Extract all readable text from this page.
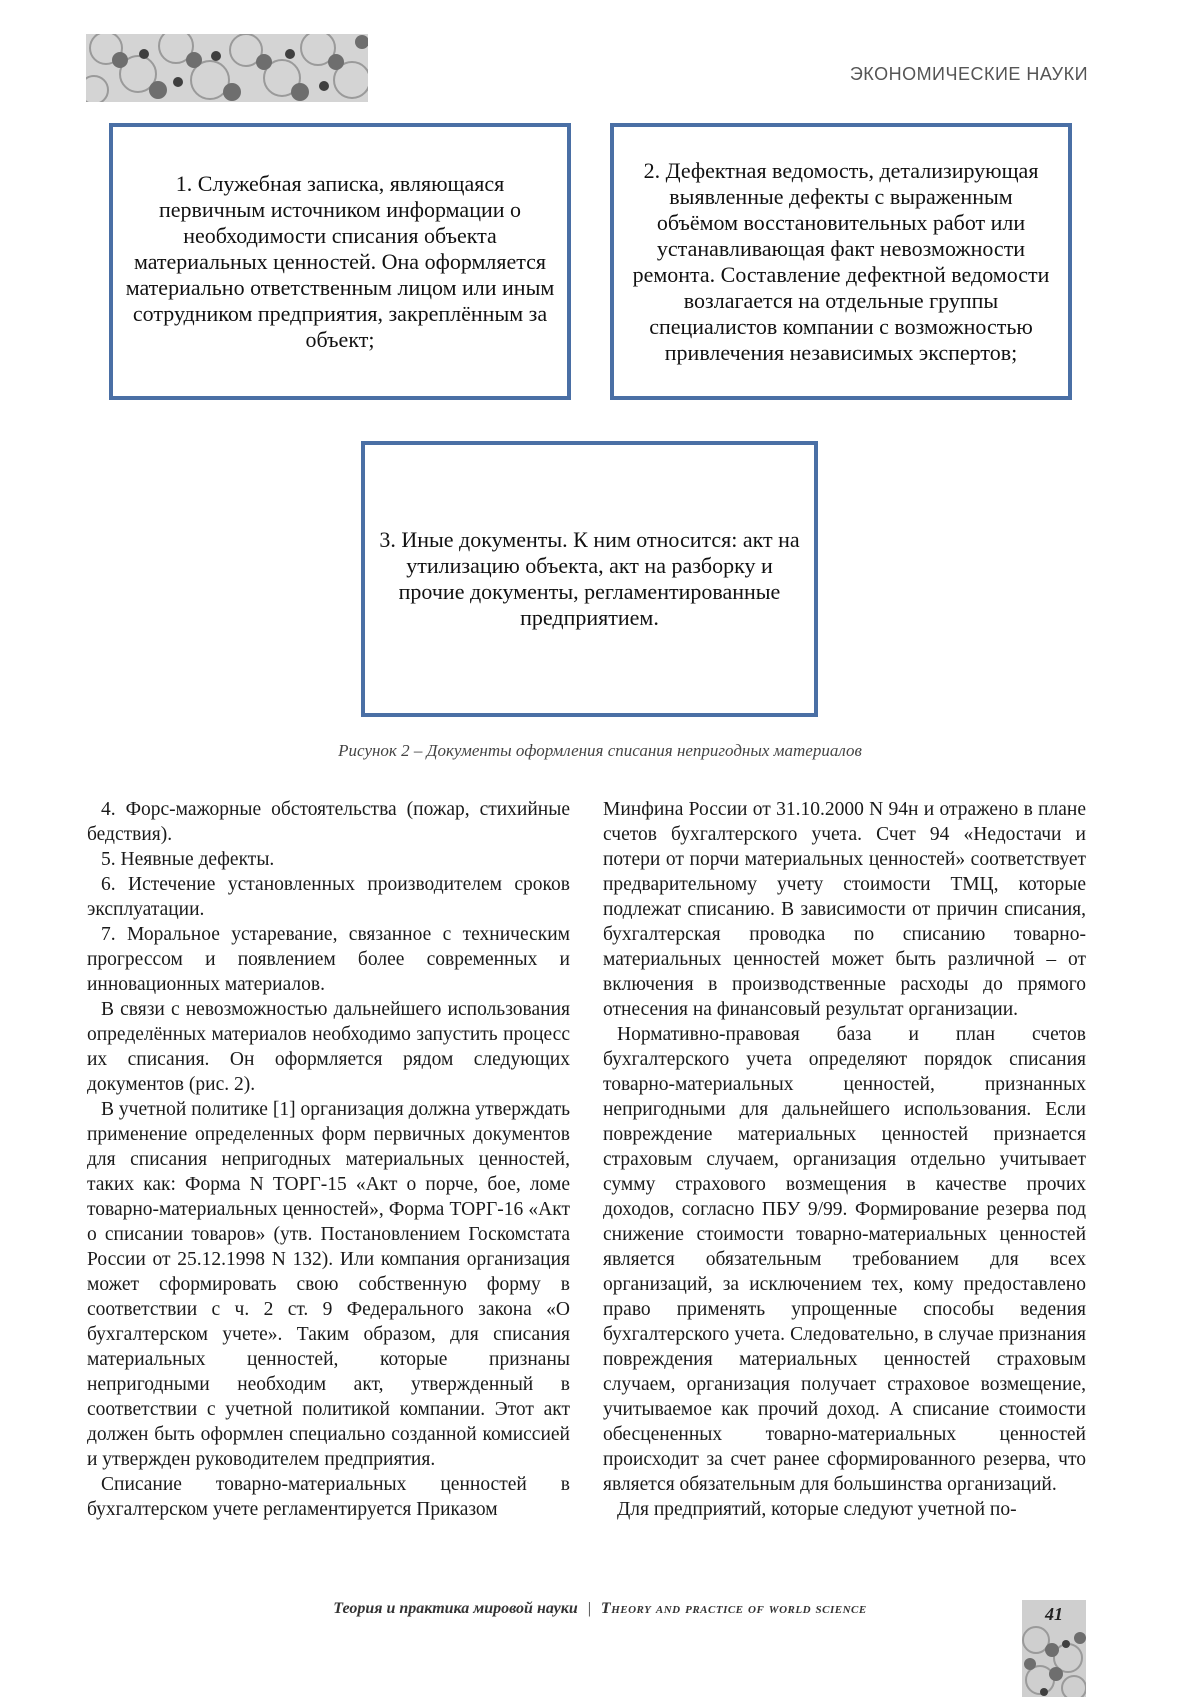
ЭКОНОМИЧЕСКИЕ НАУКИ
1. Служебная записка, являющаяся первичным источником информации о необходимости списания объекта материальных ценностей. Она оформляется материально ответственным лицом или иным сотрудником предприятия, закреплённым за объект;
2. Дефектная ведомость, детализирующая выявленные дефекты с выраженным объёмом восстановительных работ или устанавливающая факт невозможности ремонта. Составление дефектной ведомости возлагается на отдельные группы специалистов компании с возможностью привлечения независимых экспертов;
3. Иные документы. К ним относится: акт на утилизацию объекта, акт на разборку и прочие документы, регламентированные предприятием.
Рисунок 2 – Документы оформления списания непригодных материалов

4. Форс-мажорные обстоятельства (пожар, стихийные бедствия).

5. Неявные дефекты.

6. Истечение установленных производителем сроков эксплуатации.

7. Моральное устаревание, связанное с техническим прогрессом и появлением более современных и инновационных материалов.

В связи с невозможностью дальнейшего использования определённых материалов необходимо запустить процесс их списания. Он оформляется рядом следующих документов (рис. 2).

В учетной политике [1] организация должна утверждать применение определенных форм первичных документов для списания непригодных материальных ценностей, таких как: Форма N ТОРГ-15 «Акт о порче, бое, ломе товарно-материальных ценностей», Форма ТОРГ-16 «Акт о списании товаров» (утв. Постановлением Госкомстата России от 25.12.1998 N 132). Или компания организация может сформировать свою собственную форму в соответствии с ч. 2 ст. 9 Федерального закона «О бухгалтерском учете». Таким образом, для списания материальных ценностей, которые признаны непригодными необходим акт, утвержденный в соответствии с учетной политикой компании. Этот акт должен быть оформлен специально созданной комиссией и утвержден руководителем предприятия.

Списание товарно-материальных ценностей в бухгалтерском учете регламентируется Приказом

Минфина России от 31.10.2000 N 94н и отражено в плане счетов бухгалтерского учета. Счет 94 «Недостачи и потери от порчи материальных ценностей» соответствует предварительному учету стоимости ТМЦ, которые подлежат списанию. В зависимости от причин списания, бухгалтерская проводка по списанию товарно-материальных ценностей может быть различной – от включения в производственные расходы до прямого отнесения на финансовый результат организации.

Нормативно-правовая база и план счетов бухгалтерского учета определяют порядок списания товарно-материальных ценностей, признанных непригодными для дальнейшего использования. Если повреждение материальных ценностей признается страховым случаем, организация отдельно учитывает сумму страхового возмещения в качестве прочих доходов, согласно ПБУ 9/99. Формирование резерва под снижение стоимости товарно-материальных ценностей является обязательным требованием для всех организаций, за исключением тех, кому предоставлено право применять упрощенные способы ведения бухгалтерского учета. Следовательно, в случае признания повреждения материальных ценностей страховым случаем, организация получает страховое возмещение, учитываемое как прочий доход. А списание стоимости обесцененных товарно-материальных ценностей происходит за счет ранее сформированного резерва, что является обязательным для большинства организаций.

Для предприятий, которые следуют учетной по-

Теория и практика мировой науки | Theory and practice of world science	41
